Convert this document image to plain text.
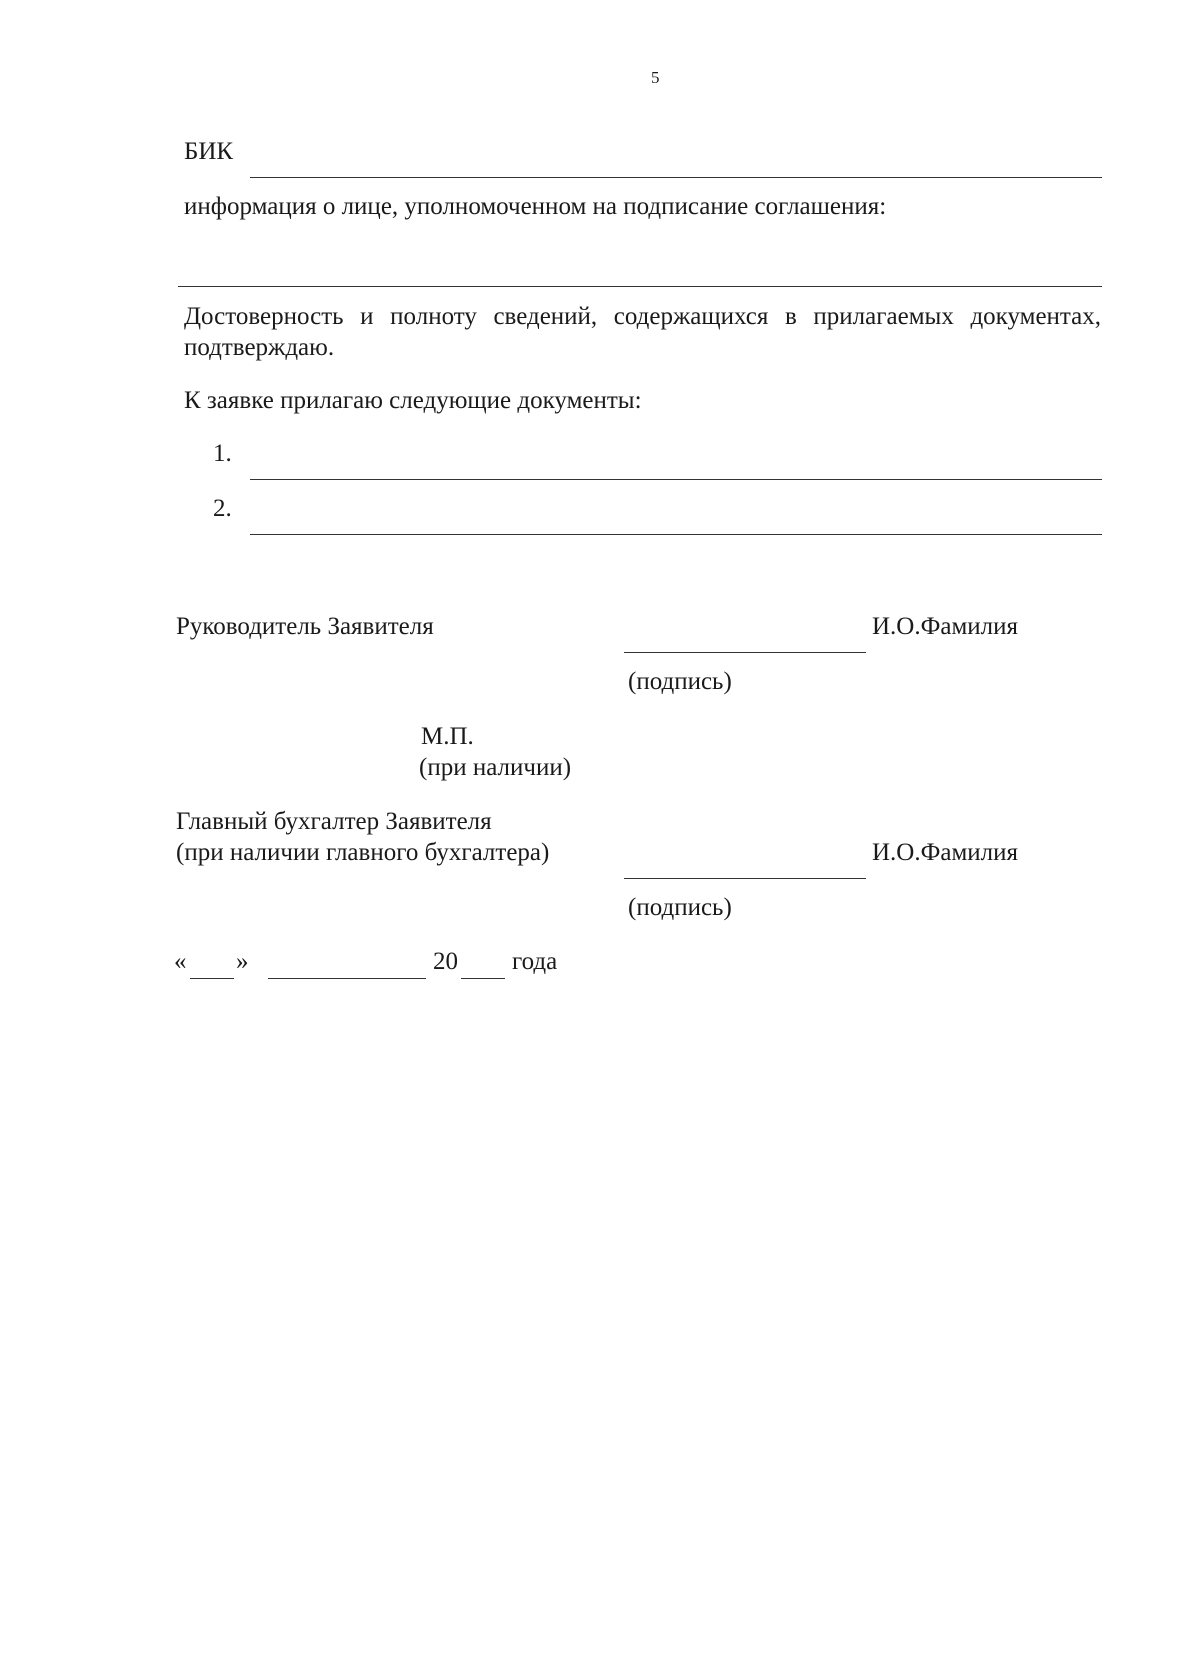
5
БИК
информация о лице, уполномоченном на подписание соглашения:
Достоверность и полноту сведений, содержащихся в прилагаемых документах, подтверждаю.
К заявке прилагаю следующие документы:
1.
2.
Руководитель Заявителя	И.О.Фамилия
(подпись)
М.П.
(при наличии)
Главный бухгалтер Заявителя
(при наличии главного бухгалтера)	И.О.Фамилия
(подпись)
« »	20 года
